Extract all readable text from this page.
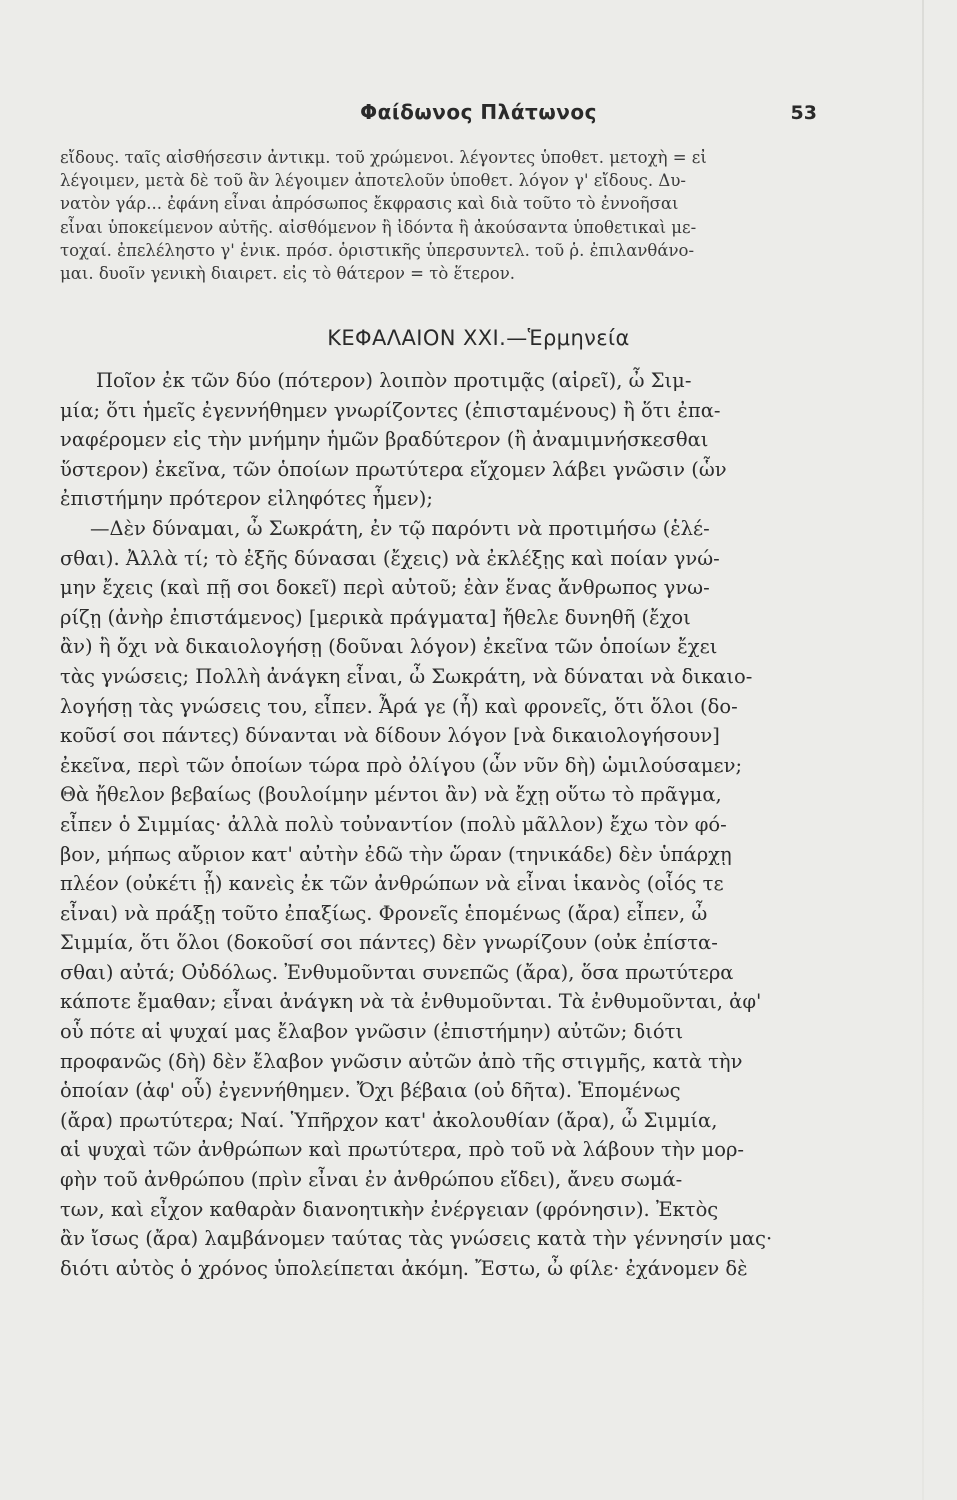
Φαίδωνος Πλάτωνος	53
εἴδους. ταῖς αἰσθήσεσιν ἀντικμ. τοῦ χρώμενοι. λέγοντες ὑποθετ. μετοχὴ = εἰ
λέγοιμεν, μετὰ δὲ τοῦ ἂν λέγοιμεν ἀποτελοῦν ὑποθετ. λόγον γ' εἴδους. Δυ-
νατὸν γάρ... ἐφάνη εἶναι ἀπρόσωπος ἔκφρασις καὶ διὰ τοῦτο τὸ ἐννοῆσαι
εἶναι ὑποκείμενον αὐτῆς. αἰσθόμενον ἢ ἰδόντα ἢ ἀκούσαντα ὑποθετικαὶ με-
τοχαί. ἐπελέληστο γ' ἑνικ. πρόσ. ὁριστικῆς ὑπερσυντελ. τοῦ ῥ. ἐπιλανθάνο-
μαι. δυοῖν γενικὴ διαιρετ. εἰς τὸ θάτερον = τὸ ἕτερον.
ΚΕΦΑΛΑΙΟΝ XXI.—Ἑρμηνεία
Ποῖον ἐκ τῶν δύο (πότερον) λοιπὸν προτιμᾷς (αἱρεῖ), ὦ Σιμ-
μία; ὅτι ἡμεῖς ἐγεννήθημεν γνωρίζοντες (ἐπισταμένους) ἢ ὅτι ἐπα-
ναφέρομεν εἰς τὴν μνήμην ἡμῶν βραδύτερον (ἢ ἀναμιμνήσκεσθαι
ὕστερον) ἐκεῖνα, τῶν ὁποίων πρωτύτερα εἴχομεν λάβει γνῶσιν (ὧν
ἐπιστήμην πρότερον εἰληφότες ἦμεν);
—Δὲν δύναμαι, ὦ Σωκράτη, ἐν τῷ παρόντι νὰ προτιμήσω (ἑλέ-
σθαι). Ἀλλὰ τί; τὸ ἑξῆς δύνασαι (ἔχεις) νὰ ἐκλέξῃς καὶ ποίαν γνώ-
μην ἔχεις (καὶ πῇ σοι δοκεῖ) περὶ αὐτοῦ; ἐὰν ἕνας ἄνθρωπος γνω-
ρίζῃ (ἀνὴρ ἐπιστάμενος) [μερικὰ πράγματα] ἤθελε δυνηθῆ (ἔχοι
ἂν) ἢ ὄχι νὰ δικαιολογήσῃ (δοῦναι λόγον) ἐκεῖνα τῶν ὁποίων ἔχει
τὰς γνώσεις; Πολλὴ ἀνάγκη εἶναι, ὦ Σωκράτη, νὰ δύναται νὰ δικαιο-
λογήσῃ τὰς γνώσεις του, εἶπεν. Ἆρά γε (ἦ) καὶ φρονεῖς, ὅτι ὅλοι (δο-
κοῦσί σοι πάντες) δύνανται νὰ δίδουν λόγον [νὰ δικαιολογήσουν]
ἐκεῖνα, περὶ τῶν ὁποίων τώρα πρὸ ὀλίγου (ὧν νῦν δὴ) ὡμιλούσαμεν;
Θὰ ἤθελον βεβαίως (βουλοίμην μέντοι ἂν) νὰ ἔχῃ οὕτω τὸ πρᾶγμα,
εἶπεν ὁ Σιμμίας· ἀλλὰ πολὺ τοὐναντίον (πολὺ μᾶλλον) ἔχω τὸν φό-
βον, μήπως αὔριον κατ' αὐτὴν ἐδῶ τὴν ὥραν (τηνικάδε) δὲν ὑπάρχῃ
πλέον (οὐκέτι ᾖ) κανεὶς ἐκ τῶν ἀνθρώπων νὰ εἶναι ἱκανὸς (οἷός τε
εἶναι) νὰ πράξῃ τοῦτο ἐπαξίως. Φρονεῖς ἑπομένως (ἄρα) εἶπεν, ὦ
Σιμμία, ὅτι ὅλοι (δοκοῦσί σοι πάντες) δὲν γνωρίζουν (οὐκ ἐπίστα-
σθαι) αὐτά; Οὐδόλως. Ἐνθυμοῦνται συνεπῶς (ἄρα), ὅσα πρωτύτερα
κάποτε ἔμαθαν; εἶναι ἀνάγκη νὰ τὰ ἐνθυμοῦνται. Τὰ ἐνθυμοῦνται, ἀφ'
οὗ πότε αἱ ψυχαί μας ἔλαβον γνῶσιν (ἐπιστήμην) αὐτῶν; διότι
προφανῶς (δὴ) δὲν ἔλαβον γνῶσιν αὐτῶν ἀπὸ τῆς στιγμῆς, κατὰ τὴν
ὁποίαν (ἀφ' οὗ) ἐγεννήθημεν. Ὄχι βέβαια (οὐ δῆτα). Ἑπομένως
(ἄρα) πρωτύτερα; Ναί. Ὑπῆρχον κατ' ἀκολουθίαν (ἄρα), ὦ Σιμμία,
αἱ ψυχαὶ τῶν ἀνθρώπων καὶ πρωτύτερα, πρὸ τοῦ νὰ λάβουν τὴν μορ-
φὴν τοῦ ἀνθρώπου (πρὶν εἶναι ἐν ἀνθρώπου εἴδει), ἄνευ σωμά-
των, καὶ εἶχον καθαρὰν διανοητικὴν ἐνέργειαν (φρόνησιν). Ἐκτὸς
ἂν ἴσως (ἄρα) λαμβάνομεν ταύτας τὰς γνώσεις κατὰ τὴν γέννησίν μας·
διότι αὐτὸς ὁ χρόνος ὑπολείπεται ἀκόμη. Ἔστω, ὦ φίλε· ἐχάνομεν δὲ
